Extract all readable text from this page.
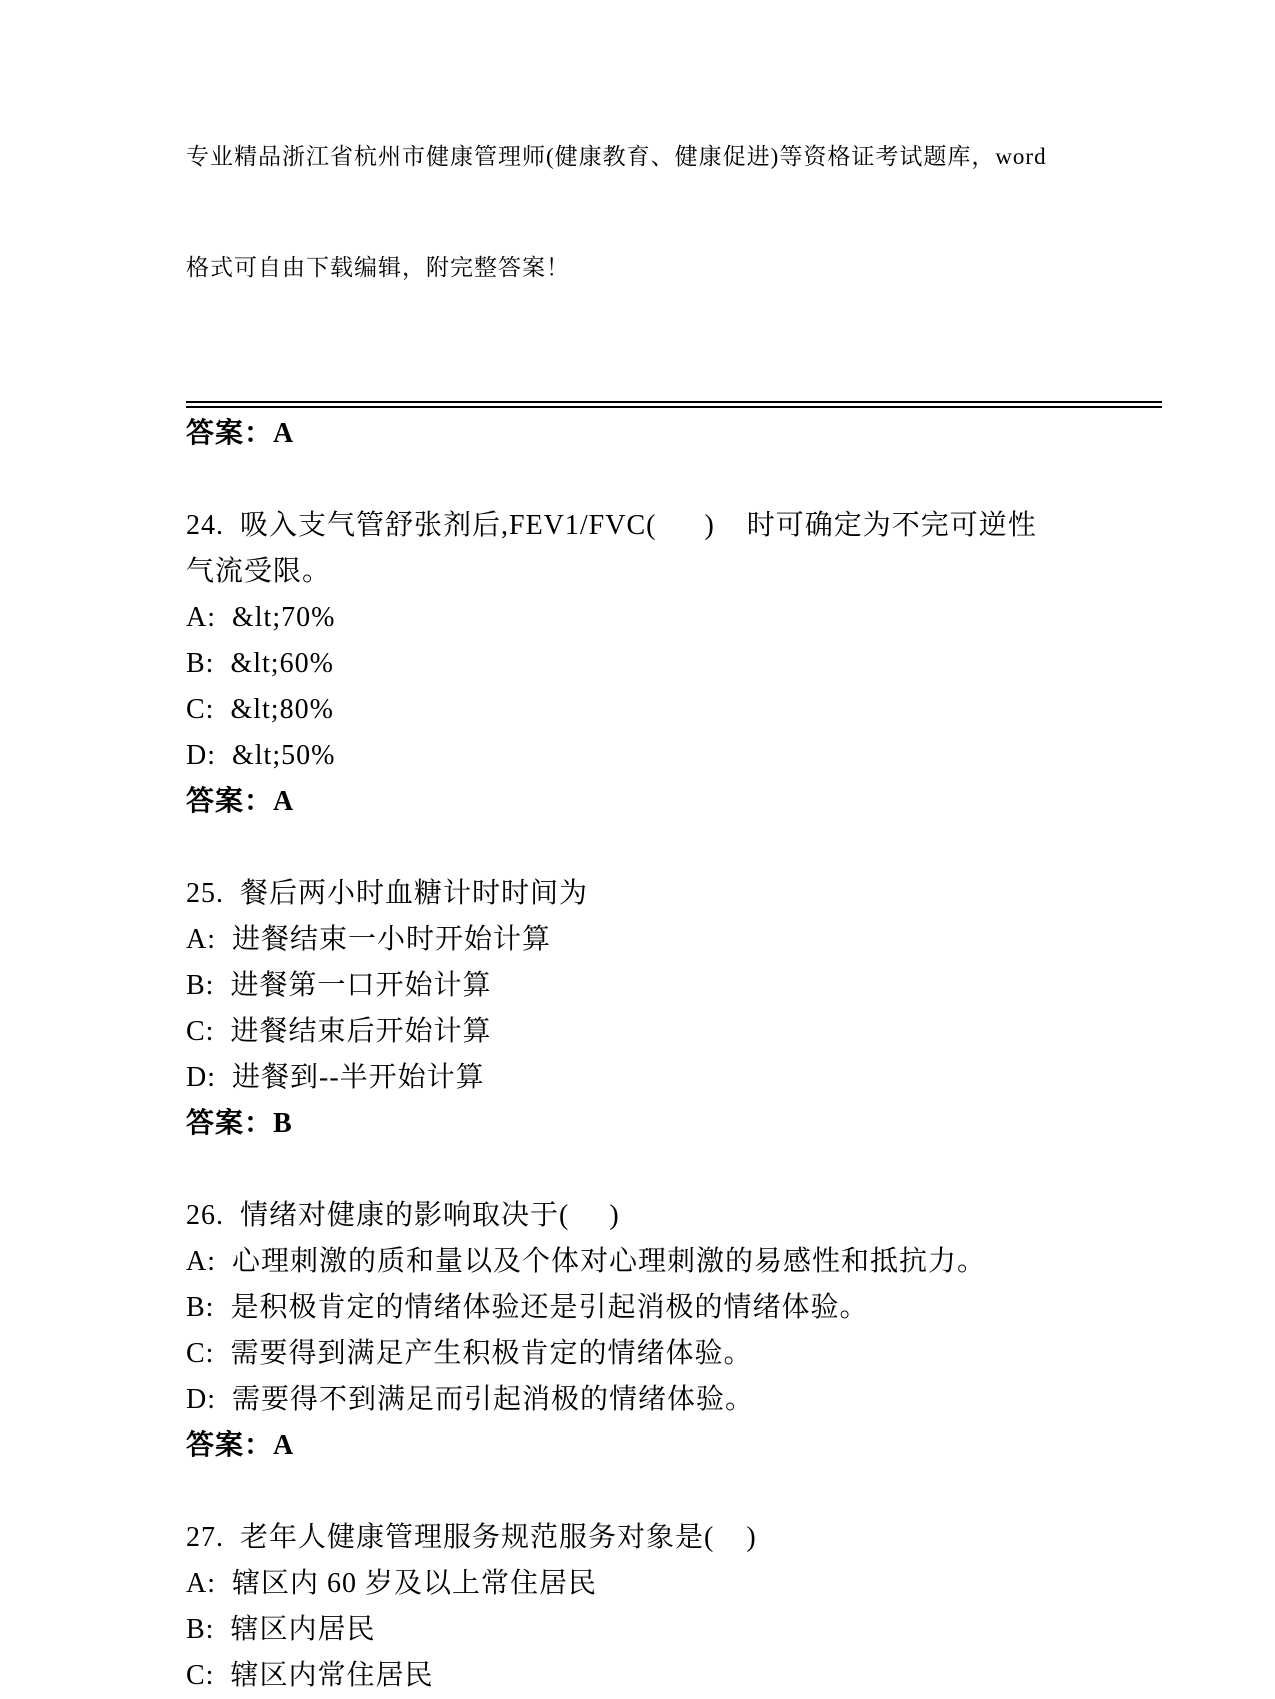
专业精品浙江省杭州市健康管理师(健康教育、健康促进)等资格证考试题库，word

格式可自由下载编辑，附完整答案！

答案：A

24.  吸入支气管舒张剂后,FEV1/FVC(      )    时可确定为不完可逆性

气流受限。

A:  &lt;70%

B:  &lt;60%

C:  &lt;80%

D:  &lt;50%

答案：A

25.  餐后两小时血糖计时时间为

A:  进餐结束一小时开始计算

B:  进餐第一口开始计算

C:  进餐结束后开始计算

D:  进餐到--半开始计算

答案：B

26.  情绪对健康的影响取决于(     )

A:  心理刺激的质和量以及个体对心理刺激的易感性和抵抗力。

B:  是积极肯定的情绪体验还是引起消极的情绪体验。

C:  需要得到满足产生积极肯定的情绪体验。

D:  需要得不到满足而引起消极的情绪体验。

答案：A

27.  老年人健康管理服务规范服务对象是(    )

A:  辖区内 60 岁及以上常住居民

B:  辖区内居民

C:  辖区内常住居民
